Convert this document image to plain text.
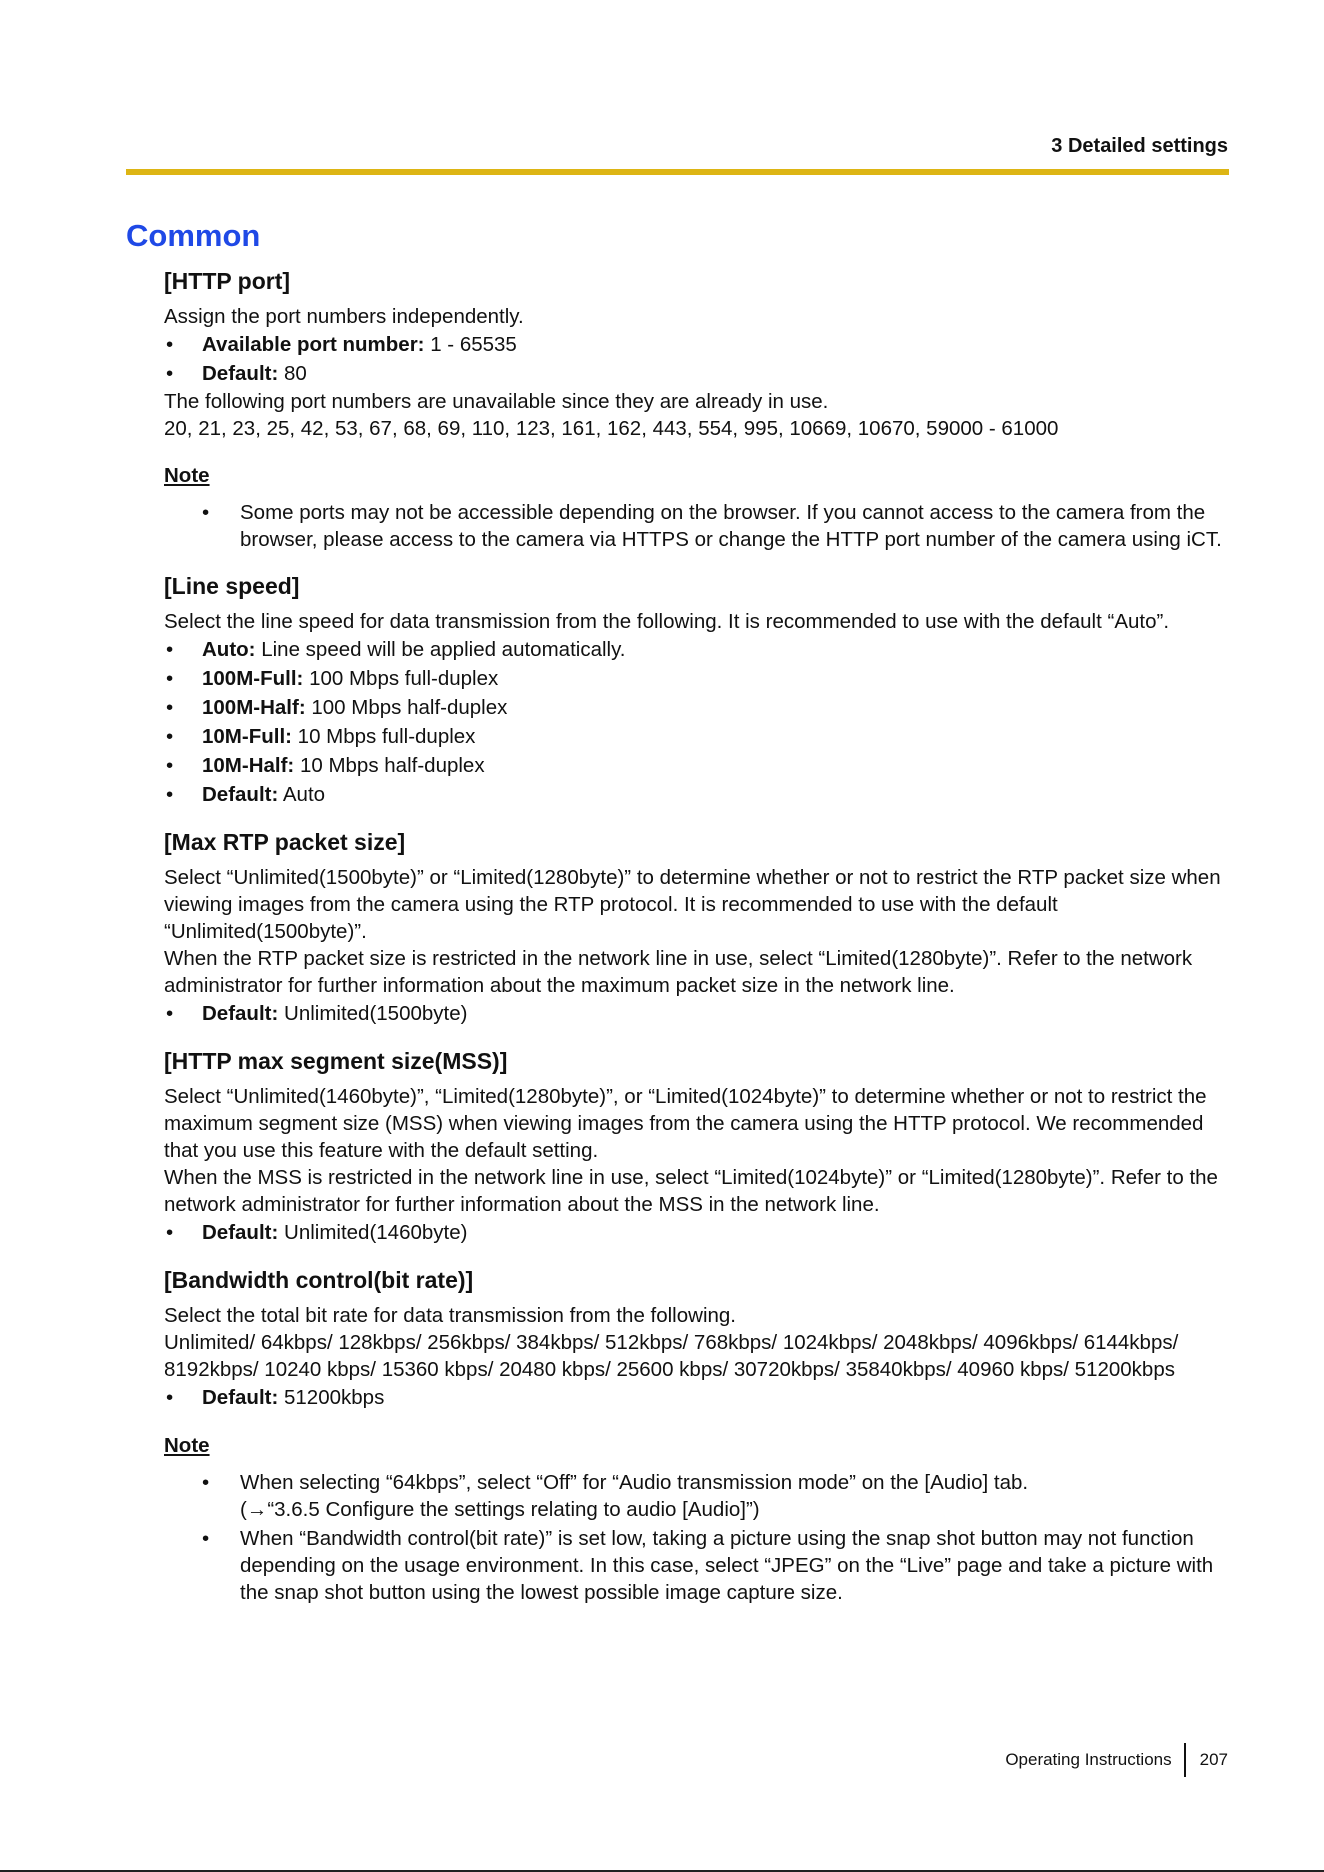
3 Detailed settings
Common
[HTTP port]

Assign the port numbers independently.

• Available port number: 1 - 65535
• Default: 80

The following port numbers are unavailable since they are already in use.

20, 21, 23, 25, 42, 53, 67, 68, 69, 110, 123, 161, 162, 443, 554, 995, 10669, 10670, 59000 - 61000

Note
• Some ports may not be accessible depending on the browser. If you cannot access to the camera from the browser, please access to the camera via HTTPS or change the HTTP port number of the camera using iCT.
[Line speed]

Select the line speed for data transmission from the following. It is recommended to use with the default “Auto”.

• Auto: Line speed will be applied automatically.
• 100M-Full: 100 Mbps full-duplex
• 100M-Half: 100 Mbps half-duplex
• 10M-Full: 10 Mbps full-duplex
• 10M-Half: 10 Mbps half-duplex
• Default: Auto
[Max RTP packet size]

Select “Unlimited(1500byte)” or “Limited(1280byte)” to determine whether or not to restrict the RTP packet size when viewing images from the camera using the RTP protocol. It is recommended to use with the default “Unlimited(1500byte)”.

When the RTP packet size is restricted in the network line in use, select “Limited(1280byte)”. Refer to the network administrator for further information about the maximum packet size in the network line.

• Default: Unlimited(1500byte)
[HTTP max segment size(MSS)]

Select “Unlimited(1460byte)”, “Limited(1280byte)”, or “Limited(1024byte)” to determine whether or not to restrict the maximum segment size (MSS) when viewing images from the camera using the HTTP protocol. We recommended that you use this feature with the default setting.

When the MSS is restricted in the network line in use, select “Limited(1024byte)” or “Limited(1280byte)”. Refer to the network administrator for further information about the MSS in the network line.

• Default: Unlimited(1460byte)
[Bandwidth control(bit rate)]

Select the total bit rate for data transmission from the following.

Unlimited/ 64kbps/ 128kbps/ 256kbps/ 384kbps/ 512kbps/ 768kbps/ 1024kbps/ 2048kbps/ 4096kbps/ 6144kbps/ 8192kbps/ 10240 kbps/ 15360 kbps/ 20480 kbps/ 25600 kbps/ 30720kbps/ 35840kbps/ 40960 kbps/ 51200kbps

• Default: 51200kbps
Note
• When selecting “64kbps”, select “Off” for “Audio transmission mode” on the [Audio] tab.
(→“3.6.5 Configure the settings relating to audio [Audio]”)
• When “Bandwidth control(bit rate)” is set low, taking a picture using the snap shot button may not function depending on the usage environment. In this case, select “JPEG” on the “Live” page and take a picture with the snap shot button using the lowest possible image capture size.
Operating Instructions	207
